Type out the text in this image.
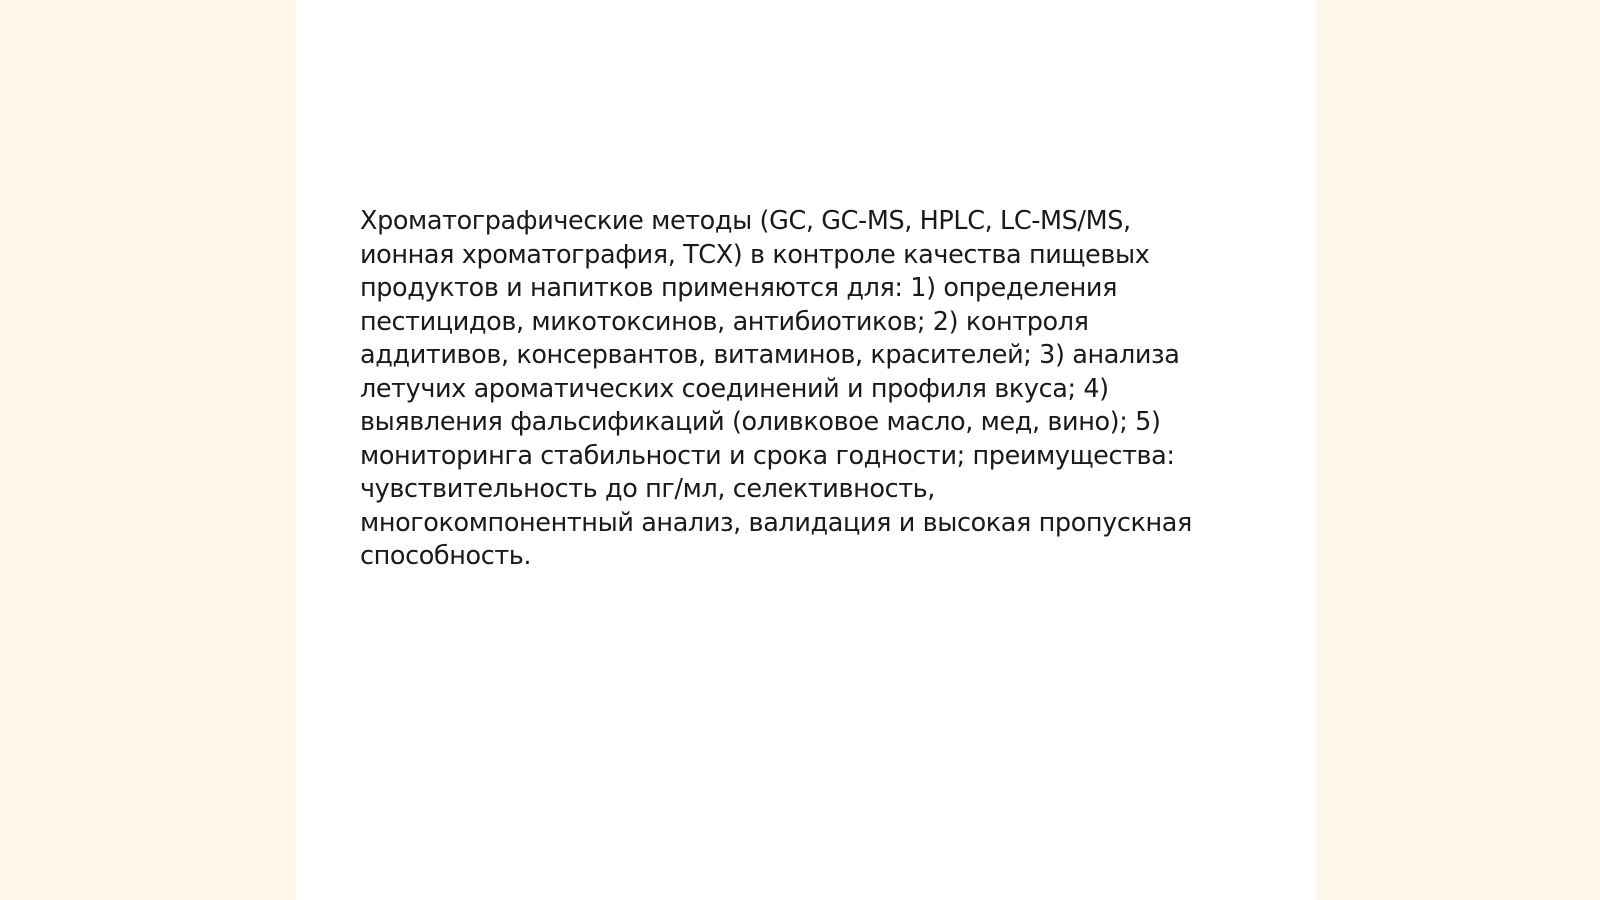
Хроматографические методы (GC, GC-MS, HPLC, LC-MS/MS,
ионная хроматография, ТСХ) в контроле качества пищевых
продуктов и напитков применяются для: 1) определения
пестицидов, микотоксинов, антибиотиков; 2) контроля
аддитивов, консервантов, витаминов, красителей; 3) анализа
летучих ароматических соединений и профиля вкуса; 4)
выявления фальсификаций (оливковое масло, мед, вино); 5)
мониторинга стабильности и срока годности; преимущества:
чувствительность до пг/мл, селективность,
многокомпонентный анализ, валидация и высокая пропускная
способность.
